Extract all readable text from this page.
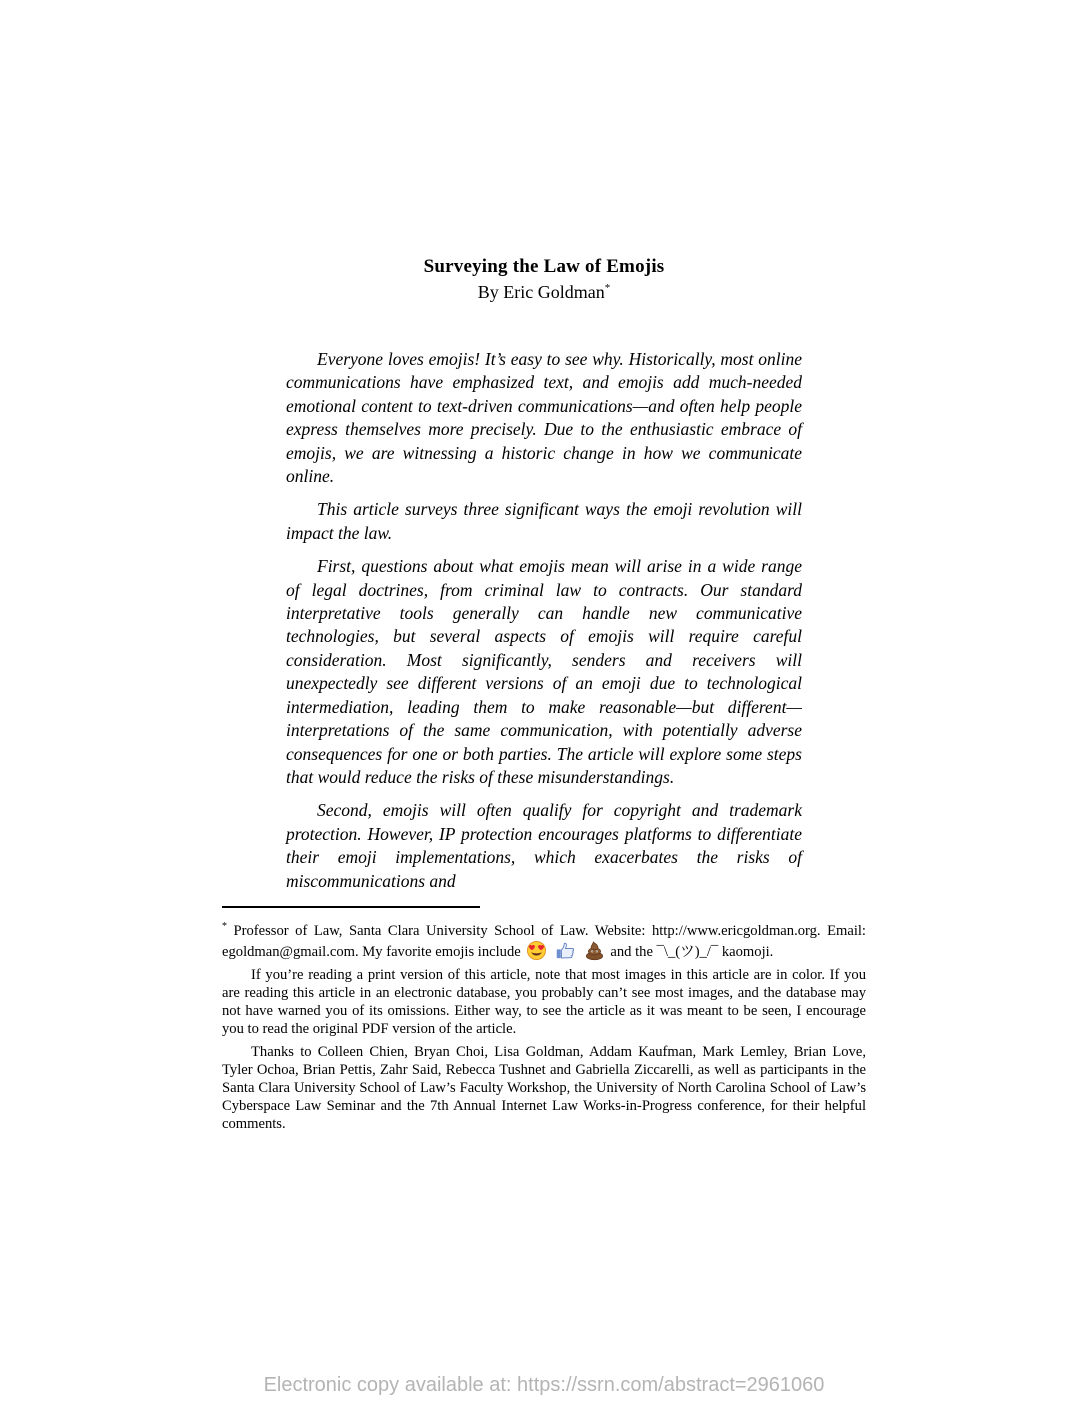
Surveying the Law of Emojis
By Eric Goldman*

Everyone loves emojis! It’s easy to see why. Historically, most online communications have emphasized text, and emojis add much-needed emotional content to text-driven communications—and often help people express themselves more precisely. Due to the enthusiastic embrace of emojis, we are witnessing a historic change in how we communicate online.

This article surveys three significant ways the emoji revolution will impact the law.

First, questions about what emojis mean will arise in a wide range of legal doctrines, from criminal law to contracts. Our standard interpretative tools generally can handle new communicative technologies, but several aspects of emojis will require careful consideration. Most significantly, senders and receivers will unexpectedly see different versions of an emoji due to technological intermediation, leading them to make reasonable—but different—interpretations of the same communication, with potentially adverse consequences for one or both parties. The article will explore some steps that would reduce the risks of these misunderstandings.

Second, emojis will often qualify for copyright and trademark protection. However, IP protection encourages platforms to differentiate their emoji implementations, which exacerbates the risks of miscommunications and

* Professor of Law, Santa Clara University School of Law. Website: http://www.ericgoldman.org. Email: egoldman@gmail.com. My favorite emojis include	and the ¯\_(ツ)_/¯ kaomoji.

If you’re reading a print version of this article, note that most images in this article are in color. If you are reading this article in an electronic database, you probably can’t see most images, and the database may not have warned you of its omissions. Either way, to see the article as it was meant to be seen, I encourage you to read the original PDF version of the article.

Thanks to Colleen Chien, Bryan Choi, Lisa Goldman, Addam Kaufman, Mark Lemley, Brian Love, Tyler Ochoa, Brian Pettis, Zahr Said, Rebecca Tushnet and Gabriella Ziccarelli, as well as participants in the Santa Clara University School of Law’s Faculty Workshop, the University of North Carolina School of Law’s Cyberspace Law Seminar and the 7th Annual Internet Law Works-in-Progress conference, for their helpful comments.

Electronic copy available at: https://ssrn.com/abstract=2961060
